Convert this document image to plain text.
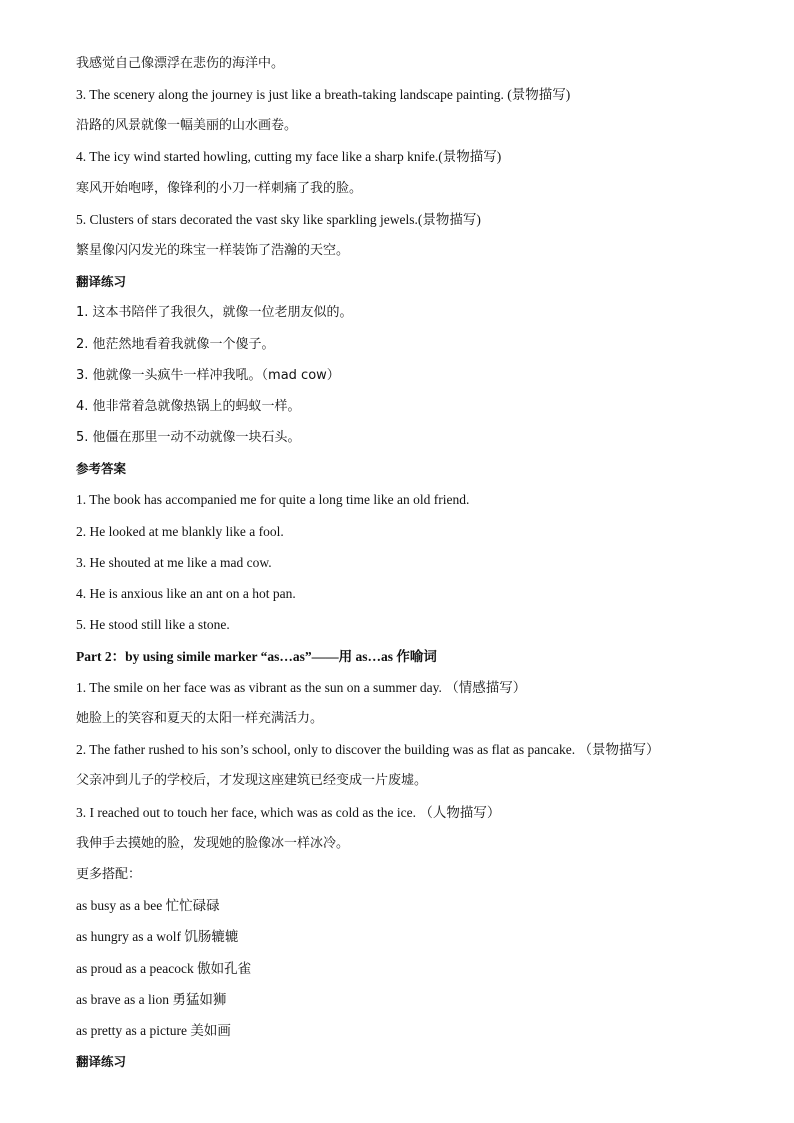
我感觉自己像漂浮在悲伤的海洋中。
3. The scenery along the journey is just like a breath-taking landscape painting. (景物描写)
沿路的风景就像一幅美丽的山水画卷。
4. The icy wind started howling, cutting my face like a sharp knife.(景物描写)
寒风开始咆哮，像锋利的小刀一样刺痛了我的脸。
5. Clusters of stars decorated the vast sky like sparkling jewels.(景物描写)
繁星像闪闪发光的珠宝一样装饰了浩瀚的天空。
翻译练习
1. 这本书陪伴了我很久，就像一位老朋友似的。
2. 他茫然地看着我就像一个傻子。
3. 他就像一头疯牛一样冲我吼。（mad cow）
4. 他非常着急就像热锅上的蚂蚁一样。
5. 他僵在那里一动不动就像一块石头。
参考答案
1. The book has accompanied me for quite a long time like an old friend.
2. He looked at me blankly like a fool.
3. He shouted at me like a mad cow.
4. He is anxious like an ant on a hot pan.
5. He stood still like a stone.
Part 2：by using simile marker “as…as”——用 as…as 作喻词
1. The smile on her face was as vibrant as the sun on a summer day. （情感描写）
她脸上的笑容和夏天的太阳一样充满活力。
2. The father rushed to his son’s school, only to discover the building was as flat as pancake. （景物描写）
父亲冲到儿子的学校后，才发现这座建筑已经变成一片废墟。
3. I reached out to touch her face, which was as cold as the ice. （人物描写）
我伸手去摸她的脸，发现她的脸像冰一样冰冷。
更多搭配：
as busy as a bee 忙忙碌碌
as hungry as a wolf 饥肠辘辘
as proud as a peacock 傲如孔雀
as brave as a lion 勇猛如狮
as pretty as a picture 美如画
翻译练习
